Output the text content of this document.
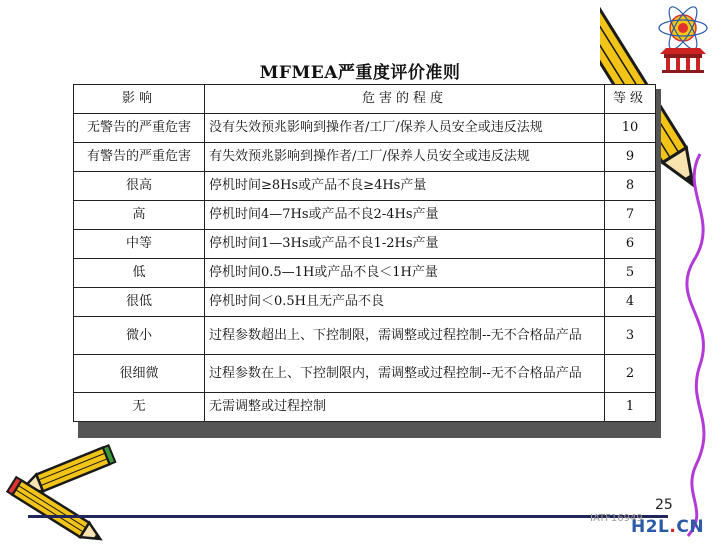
MFMEA严重度评价准则
影响	危害的程度	等级
无警告的严重危害	没有失效预兆影响到操作者/工厂/保养人员安全或违反法规	10
有警告的严重危害	有失效预兆影响到操作者/工厂/保养人员安全或违反法规	9
很高	停机时间≥8Hs或产品不良≥4Hs产量	8
高	停机时间4—7Hs或产品不良2-4Hs产量	7
中等	停机时间1—3Hs或产品不良1-2Hs产量	6
低	停机时间0.5—1H或产品不良＜1H产量	5
很低	停机时间＜0.5H且无产品不良	4
微小	过程参数超出上、下控制限，需调整或过程控制--无不合格品产品	3
很细微	过程参数在上、下控制限内，需调整或过程控制--无不合格品产品	2
无	无需调整或过程控制	1
25
IATF16949
H2L.CN
